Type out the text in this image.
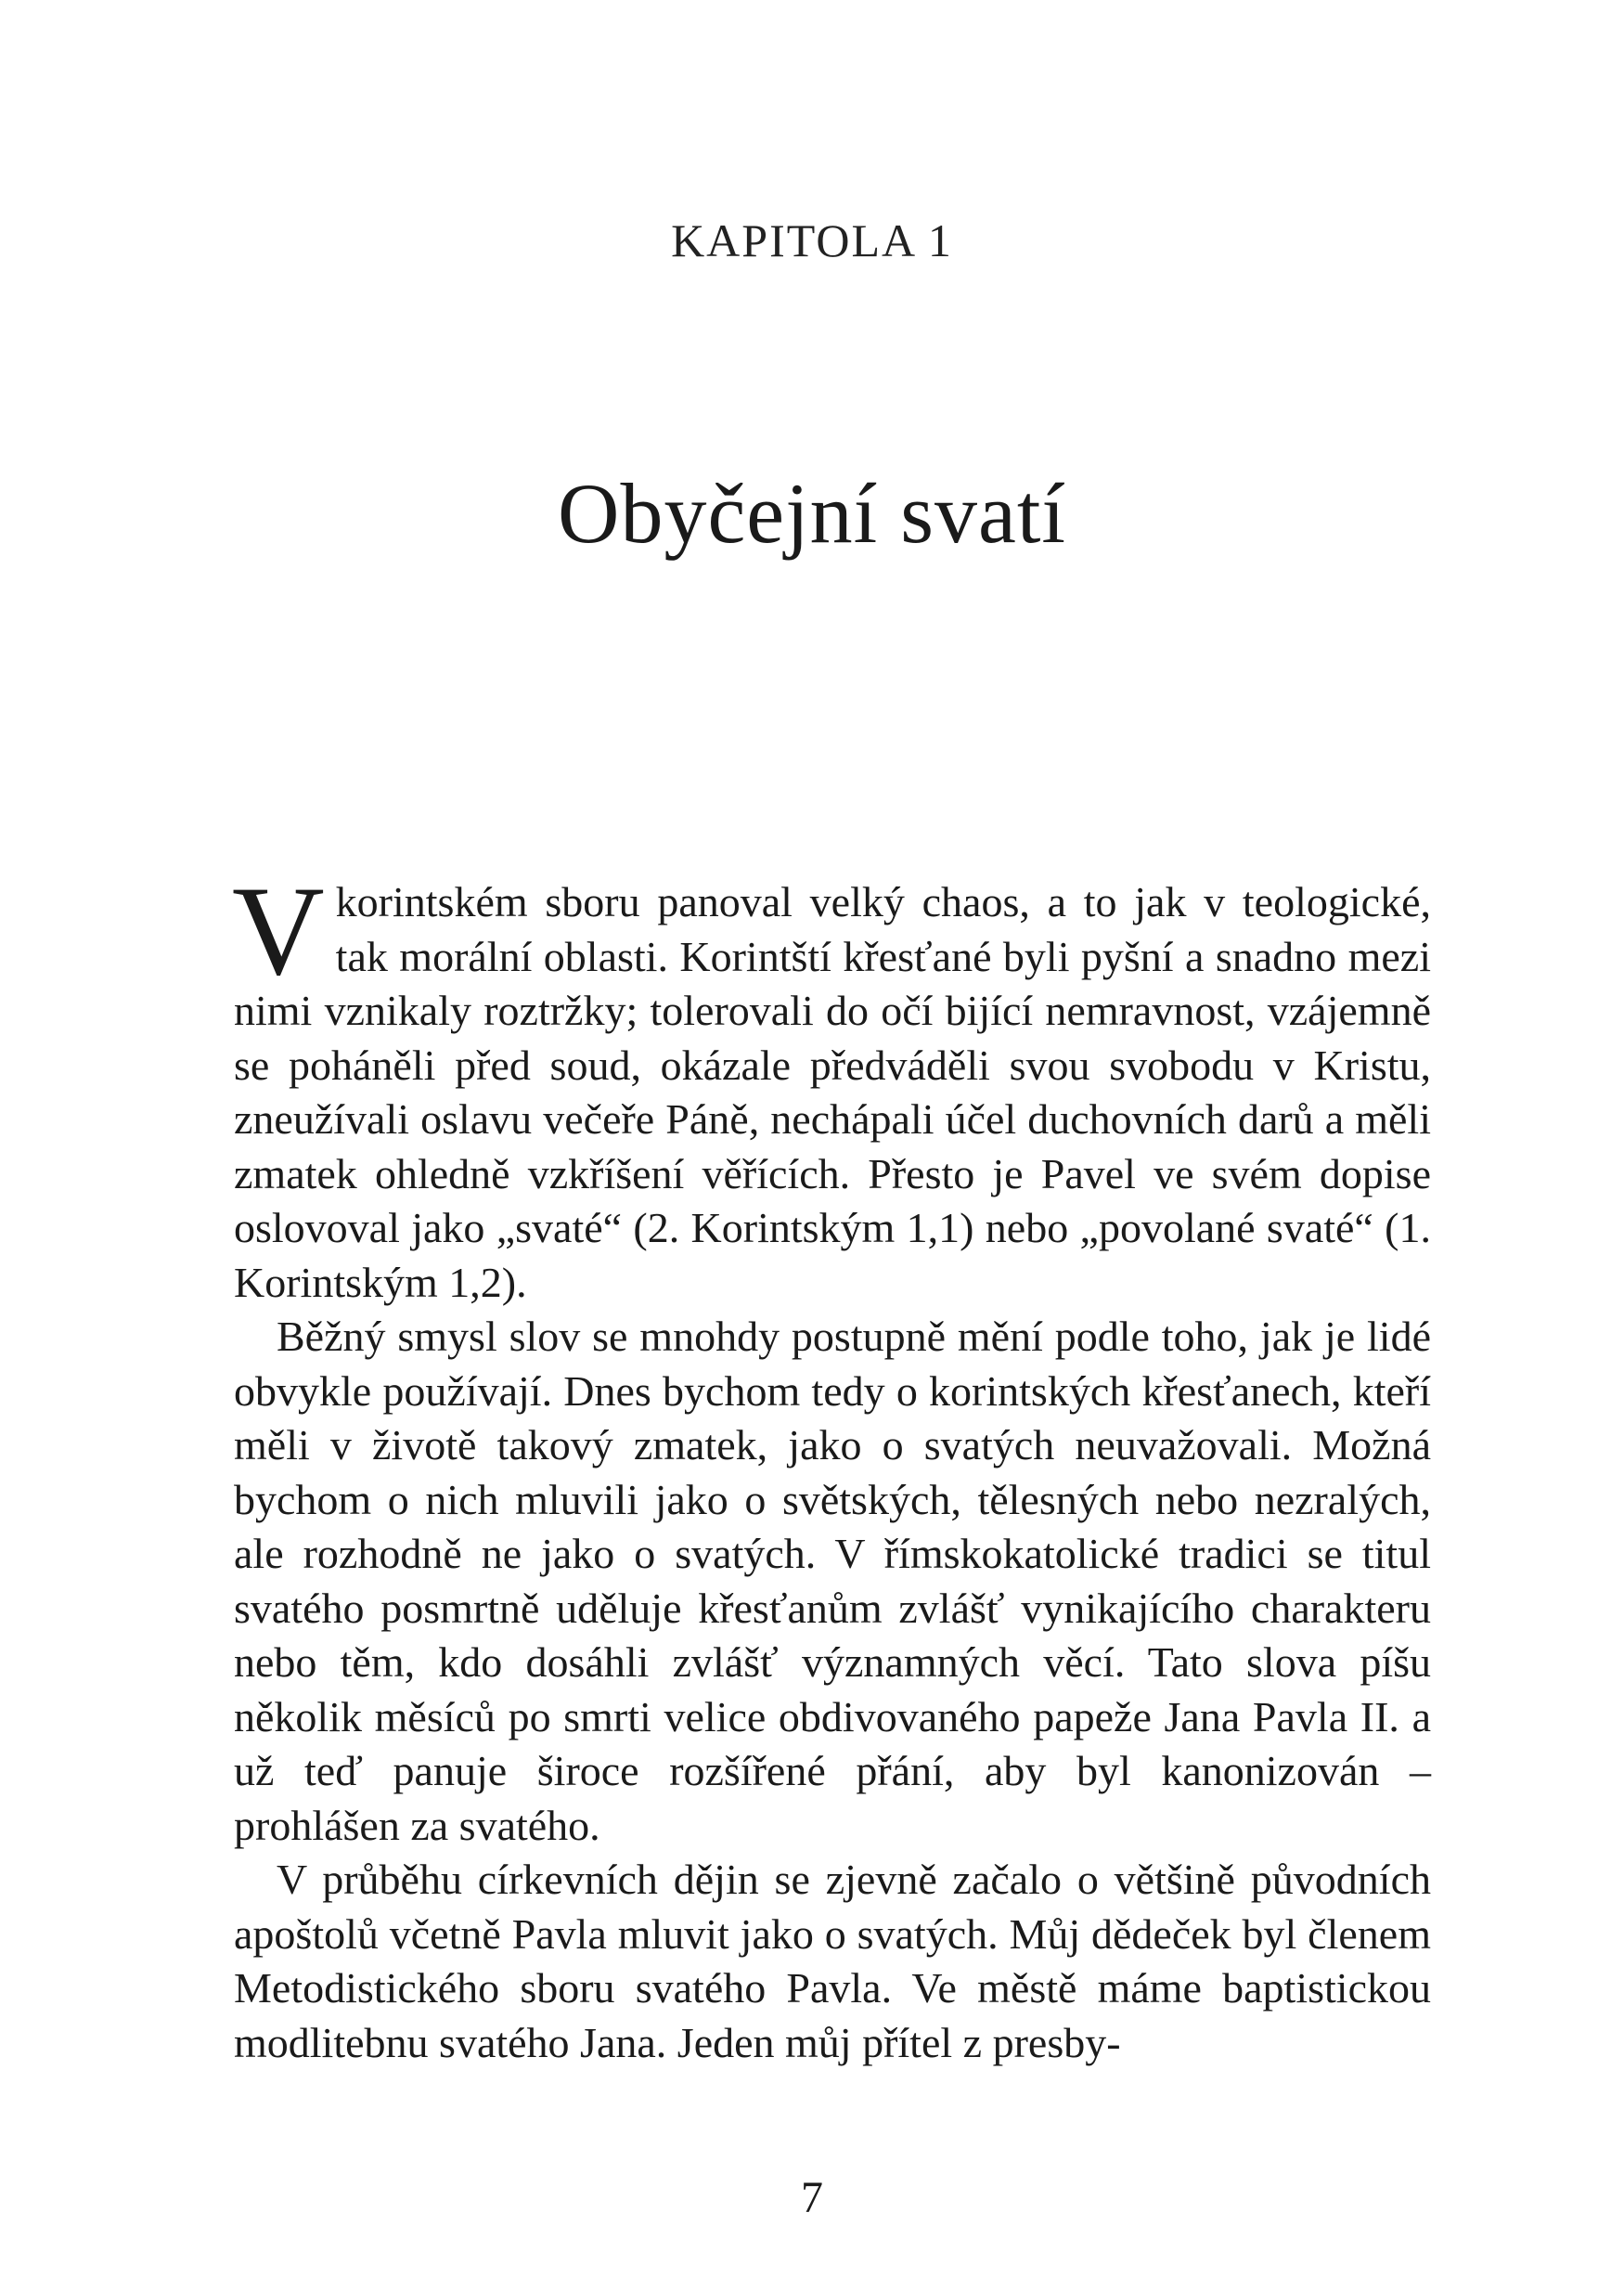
KAPITOLA 1
Obyčejní svatí

Vkorintském sboru panoval velký chaos, a to jak v teologické, tak morální oblasti. Korintští křesťané byli pyšní a snadno mezi nimi vznikaly roztržky; tolerovali do očí bijící nemravnost, vzájemně se poháněli před soud, okázale předváděli svou svobodu v Kristu, zneužívali oslavu večeře Páně, nechápali účel duchovních darů a měli zmatek ohledně vzkříšení věřících. Přesto je Pavel ve svém dopise oslovoval jako „svaté“ (2. Korintským 1,1) nebo „povolané svaté“ (1. Korintským 1,2).

Běžný smysl slov se mnohdy postupně mění podle toho, jak je lidé obvykle používají. Dnes bychom tedy o korintských křesťanech, kteří měli v životě takový zmatek, jako o svatých neuvažovali. Možná bychom o nich mluvili jako o světských, tělesných nebo nezralých, ale rozhodně ne jako o svatých. V římskokatolické tradici se titul svatého posmrtně uděluje křesťanům zvlášť vynikajícího charakteru nebo těm, kdo dosáhli zvlášť významných věcí. Tato slova píšu několik měsíců po smrti velice obdivovaného papeže Jana Pavla II. a už teď panuje široce rozšířené přání, aby byl kanonizován – prohlášen za svatého.

V průběhu církevních dějin se zjevně začalo o většině původních apoštolů včetně Pavla mluvit jako o svatých. Můj dědeček byl členem Metodistického sboru svatého Pavla. Ve městě máme baptistickou modlitebnu svatého Jana. Jeden můj přítel z presby-

7
